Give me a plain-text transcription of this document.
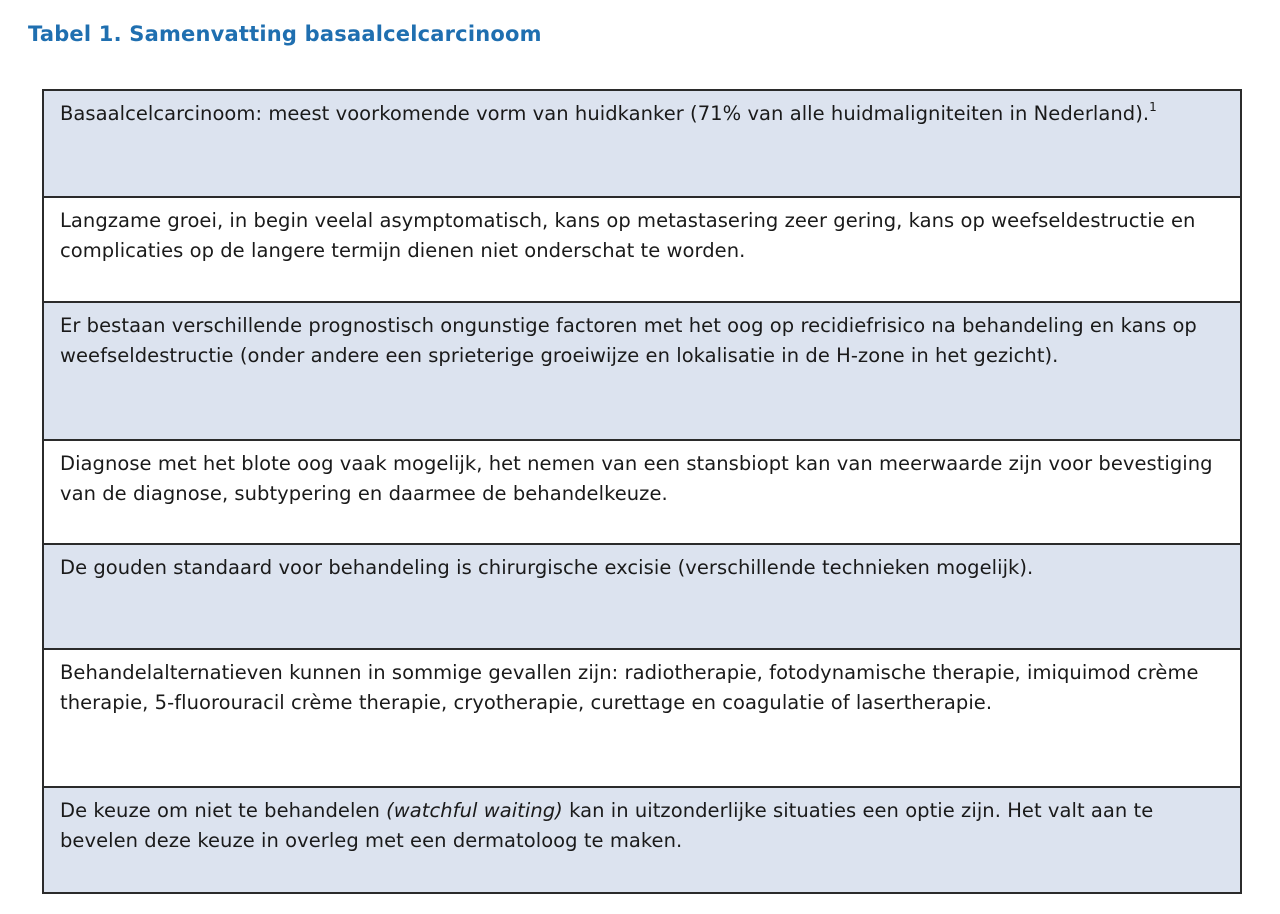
Tabel 1. Samenvatting basaalcelcarcinoom
Basaalcelcarcinoom: meest voorkomende vorm van huidkanker (71% van alle huidmaligniteiten in Nederland).$^1$
Langzame groei, in begin veelal asymptomatisch, kans op metastasering zeer gering, kans op weefseldestructie en complicaties op de langere termijn dienen niet onderschat te worden.
Er bestaan verschillende prognostisch ongunstige factoren met het oog op recidiefrisico na behandeling en kans op weefseldestructie (onder andere een sprieterige groeiwijze en lokalisatie in de H-zone in het gezicht).
Diagnose met het blote oog vaak mogelijk, het nemen van een stansbiopt kan van meerwaarde zijn voor bevestiging van de diagnose, subtypering en daarmee de behandelkeuze.
De gouden standaard voor behandeling is chirurgische excisie (verschillende technieken mogelijk).
Behandelalternatieven kunnen in sommige gevallen zijn: radiotherapie, fotodynamische therapie, imiquimod crème therapie, 5-fluorouracil crème therapie, cryotherapie, curettage en coagulatie of lasertherapie.
De keuze om niet te behandelen (watchful waiting) kan in uitzonderlijke situaties een optie zijn. Het valt aan te bevelen deze keuze in overleg met een dermatoloog te maken.
